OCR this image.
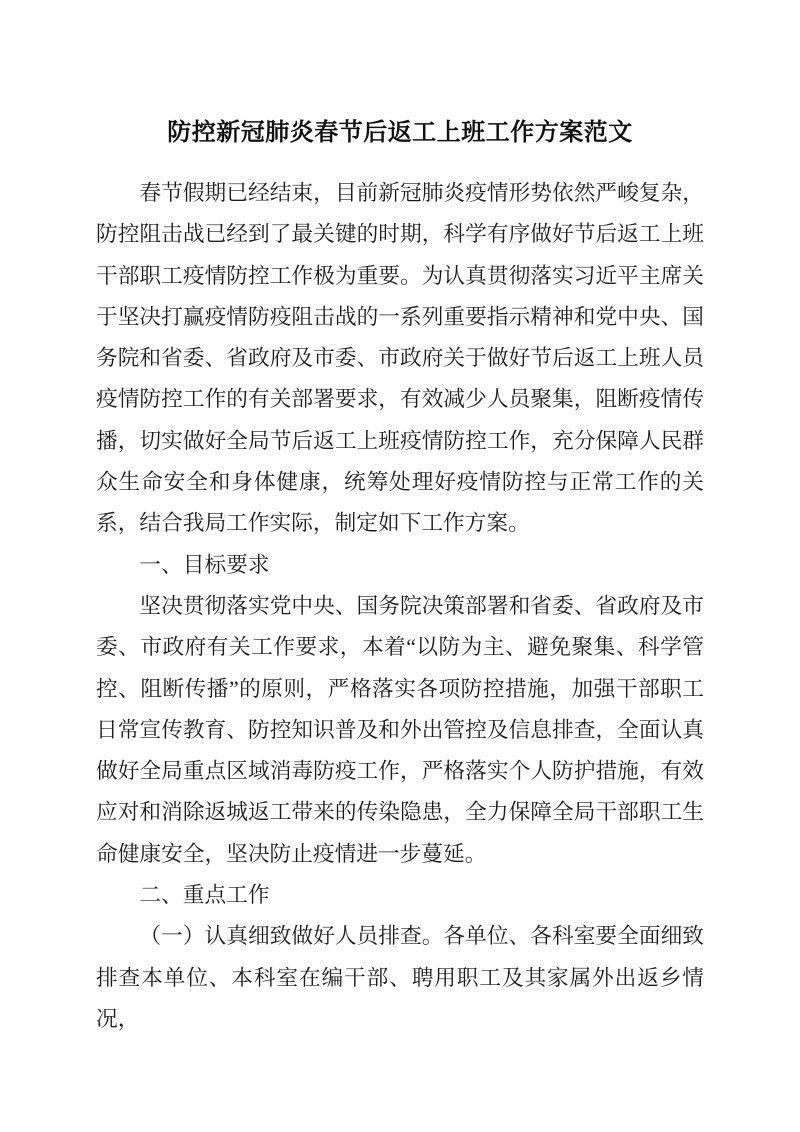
防控新冠肺炎春节后返工上班工作方案范文

春节假期已经结束，目前新冠肺炎疫情形势依然严峻复杂，防控阻击战已经到了最关键的时期，科学有序做好节后返工上班干部职工疫情防控工作极为重要。为认真贯彻落实习近平主席关于坚决打赢疫情防疫阻击战的一系列重要指示精神和党中央、国务院和省委、省政府及市委、市政府关于做好节后返工上班人员疫情防控工作的有关部署要求，有效减少人员聚集，阻断疫情传播，切实做好全局节后返工上班疫情防控工作，充分保障人民群众生命安全和身体健康，统筹处理好疫情防控与正常工作的关系，结合我局工作实际，制定如下工作方案。

一、目标要求

坚决贯彻落实党中央、国务院决策部署和省委、省政府及市委、市政府有关工作要求，本着“以防为主、避免聚集、科学管控、阻断传播”的原则，严格落实各项防控措施，加强干部职工日常宣传教育、防控知识普及和外出管控及信息排查，全面认真做好全局重点区域消毒防疫工作，严格落实个人防护措施，有效应对和消除返城返工带来的传染隐患，全力保障全局干部职工生命健康安全，坚决防止疫情进一步蔓延。

二、重点工作

（一）认真细致做好人员排查。各单位、各科室要全面细致排查本单位、本科室在编干部、聘用职工及其家属外出返乡情况，
